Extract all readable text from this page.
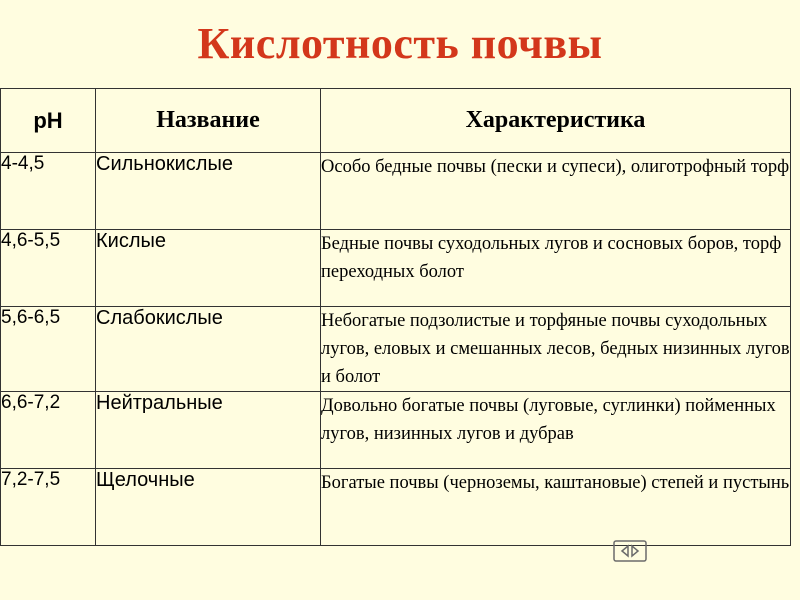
Кислотность почвы
pH	Название	Характеристика
4-4,5	Сильнокислые	Особо бедные почвы (пески и супеси), олиготрофный торф
4,6-5,5	Кислые	Бедные почвы суходольных лугов и сосновых боров, торф переходных болот
5,6-6,5	Слабокислые	Небогатые подзолистые и торфяные почвы суходольных лугов, еловых и смешанных лесов, бедных низинных лугов и болот
6,6-7,2	Нейтральные	Довольно богатые почвы (луговые, суглинки) пойменных лугов, низинных лугов и дубрав
7,2-7,5	Щелочные	Богатые почвы (черноземы, каштановые) степей и пустынь
